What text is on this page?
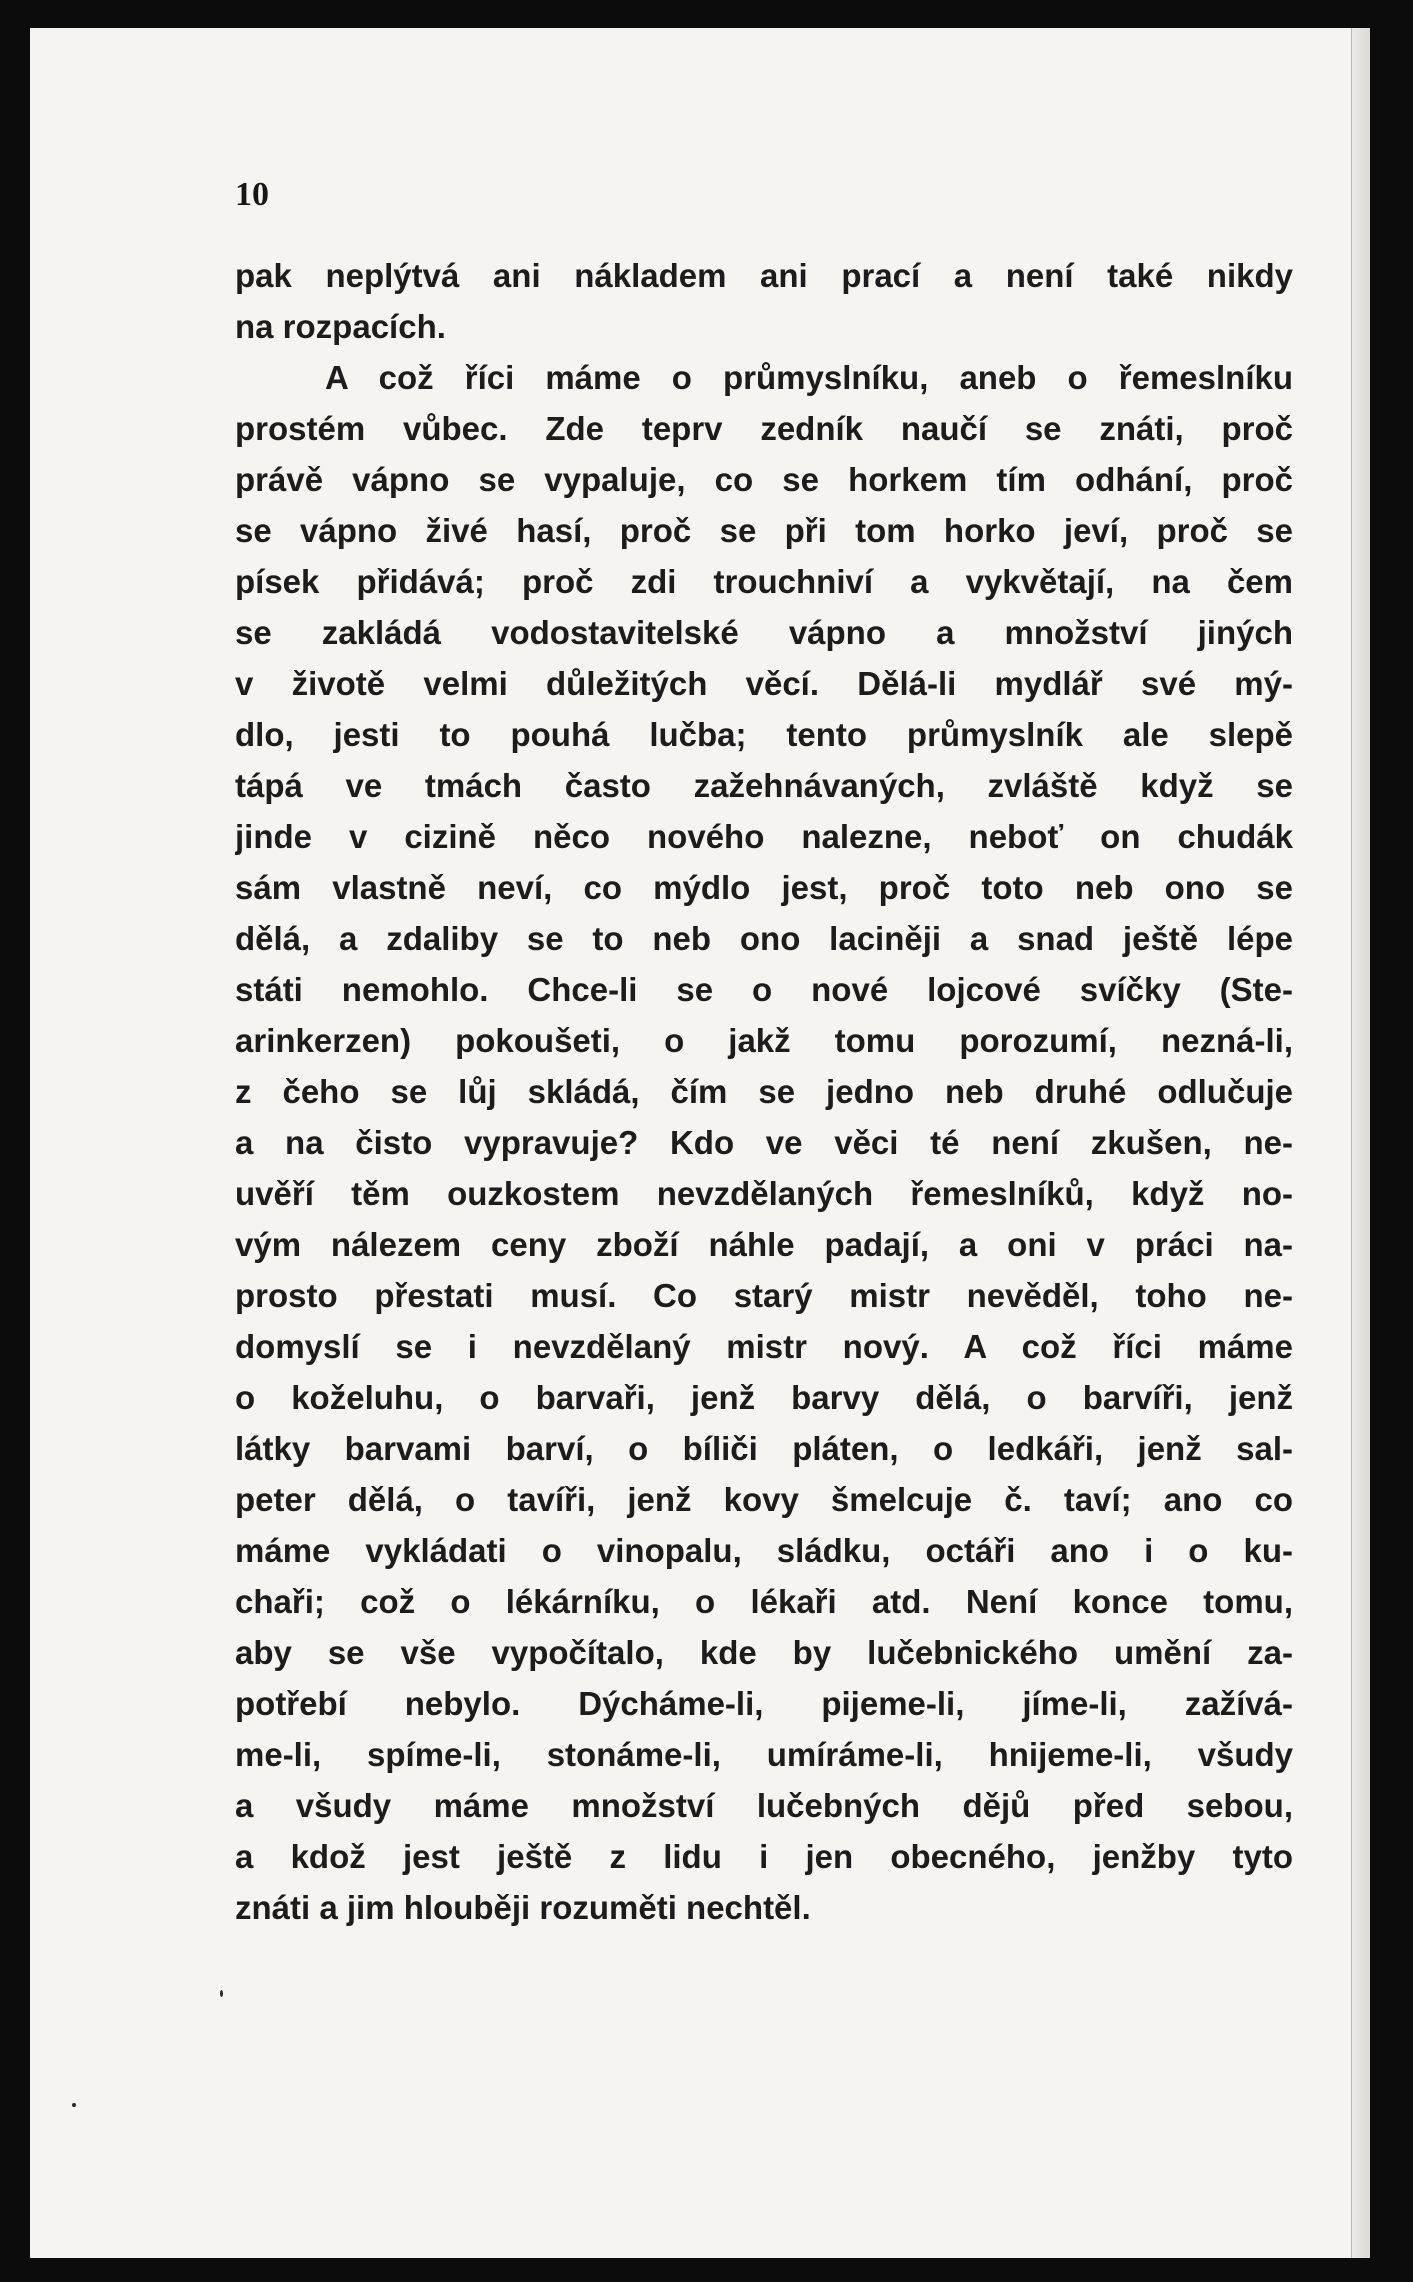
10

pak neplýtvá ani nákladem ani prací a není také nikdy
na rozpacích.
A což říci máme o průmyslníku, aneb o řemeslníku
prostém vůbec. Zde teprv zedník naučí se znáti, proč
právě vápno se vypaluje, co se horkem tím odhání, proč
se vápno živé hasí, proč se při tom horko jeví, proč se
písek přidává; proč zdi trouchniví a vykvětají, na čem
se zakládá vodostavitelské vápno a množství jiných
v životě velmi důležitých věcí. Dělá-li mydlář své mý-
dlo, jesti to pouhá lučba; tento průmyslník ale slepě
tápá ve tmách často zažehnávaných, zvláště když se
jinde v cizině něco nového nalezne, neboť on chudák
sám vlastně neví, co mýdlo jest, proč toto neb ono se
dělá, a zdaliby se to neb ono laciněji a snad ještě lépe
státi nemohlo. Chce-li se o nové lojcové svíčky (Ste-
arinkerzen) pokoušeti, o jakž tomu porozumí, nezná-li,
z čeho se lůj skládá, čím se jedno neb druhé odlučuje
a na čisto vypravuje? Kdo ve věci té není zkušen, ne-
uvěří těm ouzkostem nevzdělaných řemeslníků, když no-
vým nálezem ceny zboží náhle padají, a oni v práci na-
prosto přestati musí. Co starý mistr nevěděl, toho ne-
domyslí se i nevzdělaný mistr nový. A což říci máme
o koželuhu, o barvaři, jenž barvy dělá, o barvíři, jenž
látky barvami barví, o bíliči pláten, o ledkáři, jenž sal-
peter dělá, o tavíři, jenž kovy šmelcuje č. taví; ano co
máme vykládati o vinopalu, sládku, octáři ano i o ku-
chaři; což o lékárníku, o lékaři atd. Není konce tomu,
aby se vše vypočítalo, kde by lučebnického umění za-
potřebí nebylo. Dýcháme-li, pijeme-li, jíme-li, zažívá-
me-li, spíme-li, stonáme-li, umíráme-li, hnijeme-li, všudy
a všudy máme množství lučebných dějů před sebou,
a kdož jest ještě z lidu i jen obecného, jenžby tyto
znáti a jim hlouběji rozuměti nechtěl.
